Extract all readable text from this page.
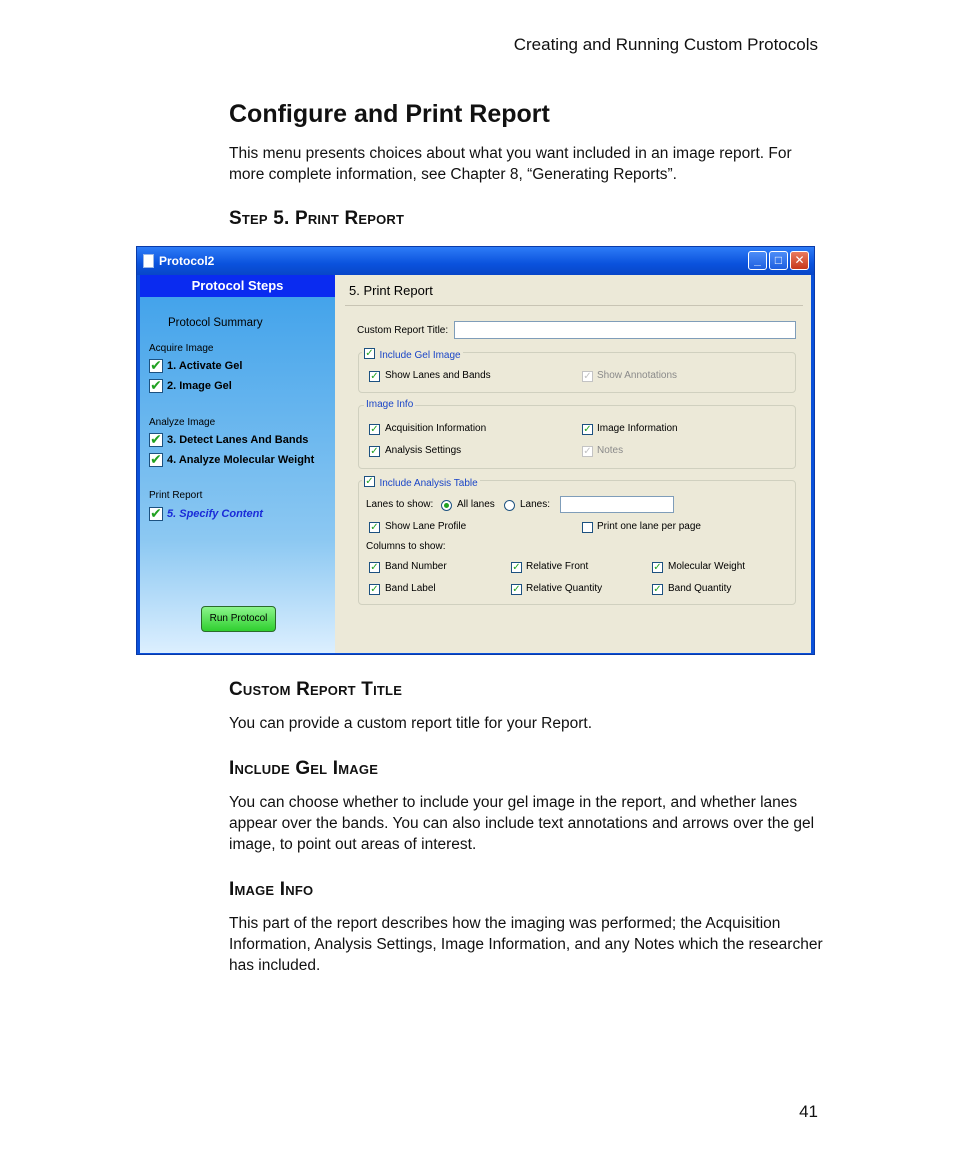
Creating and Running Custom Protocols
Configure and Print Report
This menu presents choices about what you want included in an image report. For more complete information, see Chapter 8, “Generating Reports”.
Step 5. Print Report
Protocol2	_	□	✕
Protocol Steps
Protocol Summary
Acquire Image
✔ 1. Activate Gel
✔ 2. Image Gel
Analyze Image
✔ 3. Detect Lanes And Bands
✔ 4. Analyze Molecular Weight
Print Report
✔ 5. Specify Content
Run Protocol
5. Print Report
Custom Report Title:
✓ Include Gel Image
✓ Show Lanes and Bands	✓ Show Annotations
Image Info
✓ Acquisition Information	✓ Image Information
✓ Analysis Settings	✓ Notes
✓ Include Analysis Table
Lanes to show: All lanes	Lanes:
✓ Show Lane Profile	Print one lane per page
Columns to show:
✓ Band Number	✓ Relative Front	✓ Molecular Weight
✓ Band Label	✓ Relative Quantity	✓ Band Quantity
Custom Report Title
You can provide a custom report title for your Report.
Include Gel Image
You can choose whether to include your gel image in the report, and whether lanes appear over the bands. You can also include text annotations and arrows over the gel image, to point out areas of interest.
Image Info
This part of the report describes how the imaging was performed; the Acquisition Information, Analysis Settings, Image Information, and any Notes which the researcher has included.
41
